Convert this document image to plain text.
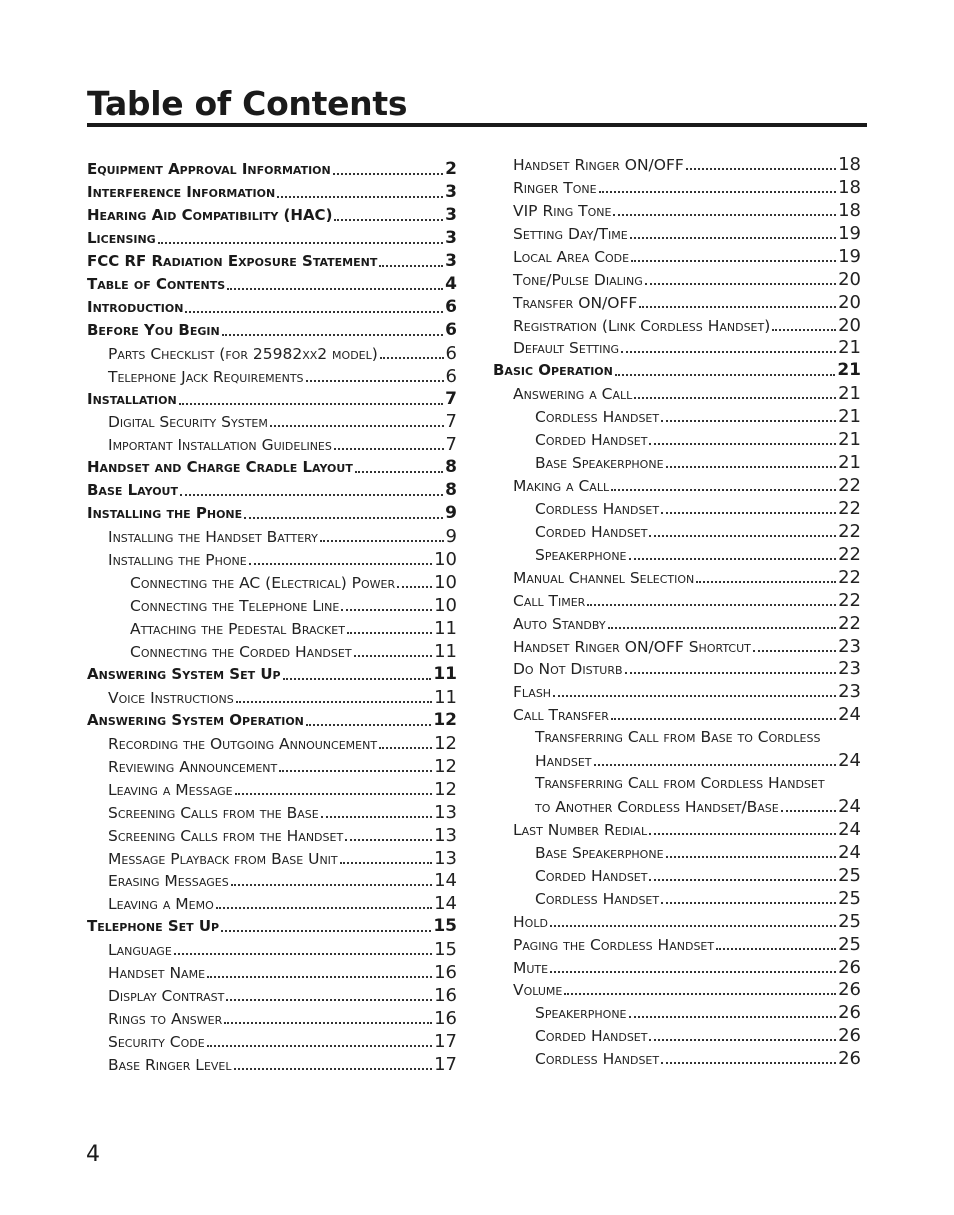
Table of Contents
Equipment Approval Information	2
Interference Information	3
Hearing Aid Compatibility (HAC)	3
Licensing	3
FCC RF Radiation Exposure Statement	3
Table of Contents	4
Introduction	6
Before You Begin	6
Parts Checklist (for 25982xx2 model)	6
Telephone Jack Requirements	6
Installation	7
Digital Security System	7
Important Installation Guidelines	7
Handset and Charge Cradle Layout	8
Base Layout	8
Installing the Phone	9
Installing the Handset Battery	9
Installing the Phone	10
Connecting the AC (Electrical) Power 10
Connecting the Telephone Line	10
Attaching the Pedestal Bracket	11
Connecting the Corded Handset	11
Answering System Set Up	11
Voice Instructions	11
Answering System Operation	12
Recording the Outgoing Announcement	12
Reviewing Announcement	12
Leaving a Message	12
Screening Calls from the Base	13
Screening Calls from the Handset	13
Message Playback from Base Unit	13
Erasing Messages	14
Leaving a Memo	14
Telephone Set Up	15
Language	15
Handset Name	16
Display Contrast	16
Rings to Answer	16
Security Code	17
Base Ringer Level	17
Handset Ringer ON/OFF	18
Ringer Tone	18
VIP Ring Tone	18
Setting Day/Time	19
Local Area Code	19
Tone/Pulse Dialing	20
Transfer ON/OFF	20
Registration (Link Cordless Handset)	20
Default Setting	21
Basic Operation	21
Answering a Call	21
Cordless Handset	21
Corded Handset	21
Base Speakerphone	21
Making a Call	22
Cordless Handset	22
Corded Handset	22
Speakerphone	22
Manual Channel Selection	22
Call Timer	22
Auto Standby	22
Handset Ringer ON/OFF Shortcut	23
Do Not Disturb	23
Flash	23
Call Transfer	24
Transferring Call from Base to Cordless
Handset	24
Transferring Call from Cordless Handset
to Another Cordless Handset/Base	24
Last Number Redial	24
Base Speakerphone	24
Corded Handset	25
Cordless Handset	25
Hold	25
Paging the Cordless Handset	25
Mute	26
Volume	26
Speakerphone	26
Corded Handset	26
Cordless Handset	26
4
